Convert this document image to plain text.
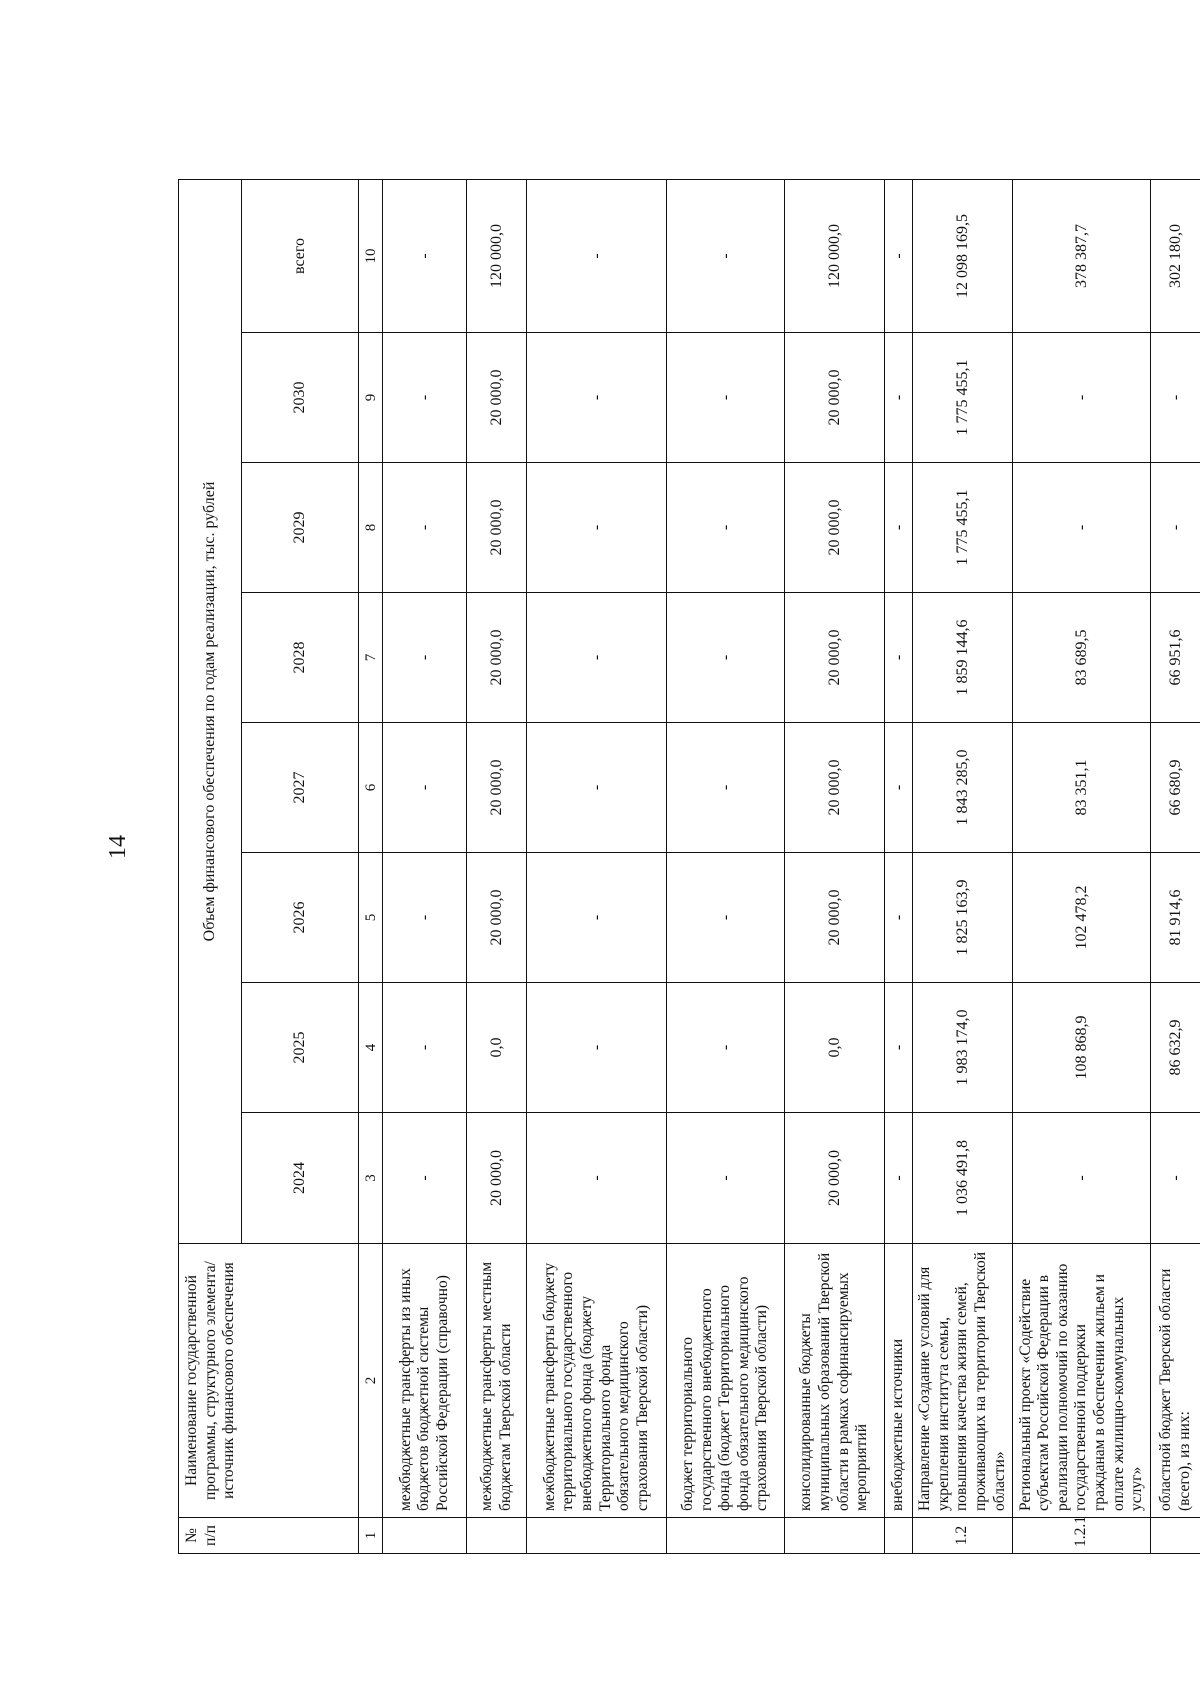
14
№ п/п	Наименование государственной программы, структурного элемента/источник финансового обеспечения	Объем финансового обеспечения по годам реализации, тыс. рублей							
		2024	2025	2026	2027	2028	2029	2030	всего
1	2	3	4	5	6	7	8	9	10
	межбюджетные трансферты из иных бюджетов бюджетной системы Российской Федерации (справочно)	-	-	-	-	-	-	-	-
	межбюджетные трансферты местным бюджетам Тверской области	20 000,0	0,0	20 000,0	20 000,0	20 000,0	20 000,0	20 000,0	120 000,0
	межбюджетные трансферты бюджету территориального государственного внебюджетного фонда (бюджету Территориального фонда обязательного медицинского страхования Тверской области)	-	-	-	-	-	-	-	-
	бюджет территориального государственного внебюджетного фонда (бюджет Территориального фонда обязательного медицинского страхования Тверской области)	-	-	-	-	-	-	-	-
	консолидированные бюджеты муниципальных образований Тверской области в рамках софинансируемых мероприятий	20 000,0	0,0	20 000,0	20 000,0	20 000,0	20 000,0	20 000,0	120 000,0
	внебюджетные источники	-	-	-	-	-	-	-	-
1.2	Направление «Создание условий для укрепления института семьи, повышения качества жизни семей, проживающих на территории Тверской области»	1 036 491,8	1 983 174,0	1 825 163,9	1 843 285,0	1 859 144,6	1 775 455,1	1 775 455,1	12 098 169,5
1.2.1	Региональный проект «Содействие субъектам Российской Федерации в реализации полномочий по оказанию государственной поддержки гражданам в обеспечении жильем и оплате жилищно-коммунальных услуг»	-	108 868,9	102 478,2	83 351,1	83 689,5	-	-	378 387,7
	областной бюджет Тверской области (всего), из них:	-	86 632,9	81 914,6	66 680,9	66 951,6	-	-	302 180,0
